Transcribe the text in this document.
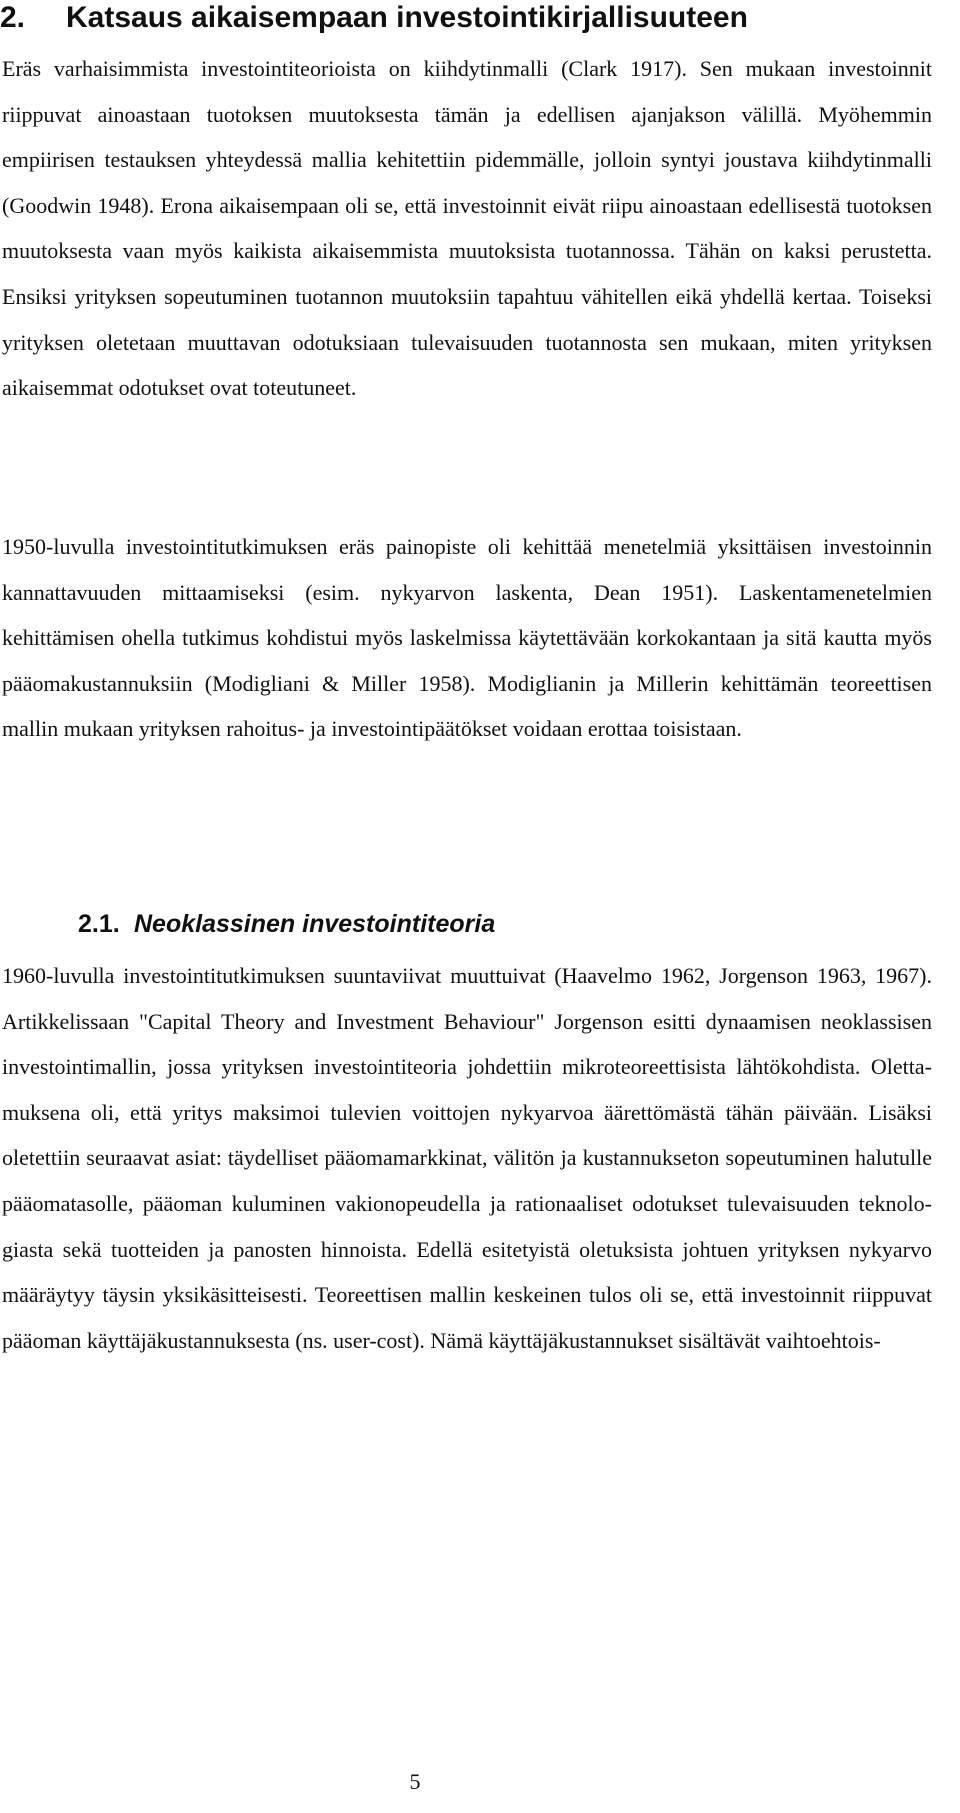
2. Katsaus aikaisempaan investointikirjallisuuteen

Eräs varhaisimmista investointiteorioista on kiihdytinmalli (Clark 1917). Sen mukaan investoinnit riippuvat ainoastaan tuotoksen muutoksesta tämän ja edellisen ajanjakson välillä. Myöhemmin empiirisen testauksen yhteydessä mallia kehitettiin pidemmälle, jolloin syntyi joustava kiihdytinmalli (Goodwin 1948). Erona aikaisempaan oli se, että investoinnit eivät riipu ainoastaan edellisestä tuotoksen muutoksesta vaan myös kaikista aikaisemmista muutoksista tuotannossa. Tähän on kaksi perustetta. Ensiksi yrityksen sopeutuminen tuotannon muutoksiin tapahtuu vähitellen eikä yhdellä kertaa. Toiseksi yrityksen oletetaan muuttavan odotuksiaan tulevaisuuden tuotannosta sen mukaan, miten yrityksen aikaisemmat odotukset ovat toteutuneet.

1950-luvulla investointitutkimuksen eräs painopiste oli kehittää menetelmiä yksittäisen investoinnin kannattavuuden mittaamiseksi (esim. nykyarvon laskenta, Dean 1951). Laskentamenetelmien kehittämisen ohella tutkimus kohdistui myös laskelmissa käytettävään korkokantaan ja sitä kautta myös pääomakustannuksiin (Modigliani & Miller 1958). Modiglianin ja Millerin kehittämän teoreettisen mallin mukaan yrityksen rahoitus- ja investointipäätökset voidaan erottaa toisistaan.

2.1. Neoklassinen investointiteoria

1960-luvulla investointitutkimuksen suuntaviivat muuttuivat (Haavelmo 1962, Jorgenson 1963, 1967). Artikkelissaan "Capital Theory and Investment Behaviour" Jorgenson esitti dynaamisen neoklassisen investointimallin, jossa yrityksen investointiteoria johdettiin mikroteoreettisista lähtökohdista. Olettamuksena oli, että yritys maksimoi tulevien voittojen nykyarvoa äärettömästä tähän päivään. Lisäksi oletettiin seuraavat asiat: täydelliset pääomamarkkinat, välitön ja kustannukseton sopeutuminen halutulle pääomatasolle, pääoman kuluminen vakionopeudella ja rationaaliset odotukset tulevaisuuden teknologiasta sekä tuotteiden ja panosten hinnoista. Edellä esitetyistä oletuksista johtuen yrityksen nykyarvo määräytyy täysin yksikäsitteisesti. Teoreettisen mallin keskeinen tulos oli se, että investoinnit riippuvat pääoman käyttäjäkustannuksesta (ns. user-cost). Nämä käyttäjäkustannukset sisältävät vaihtoehtois-

5
